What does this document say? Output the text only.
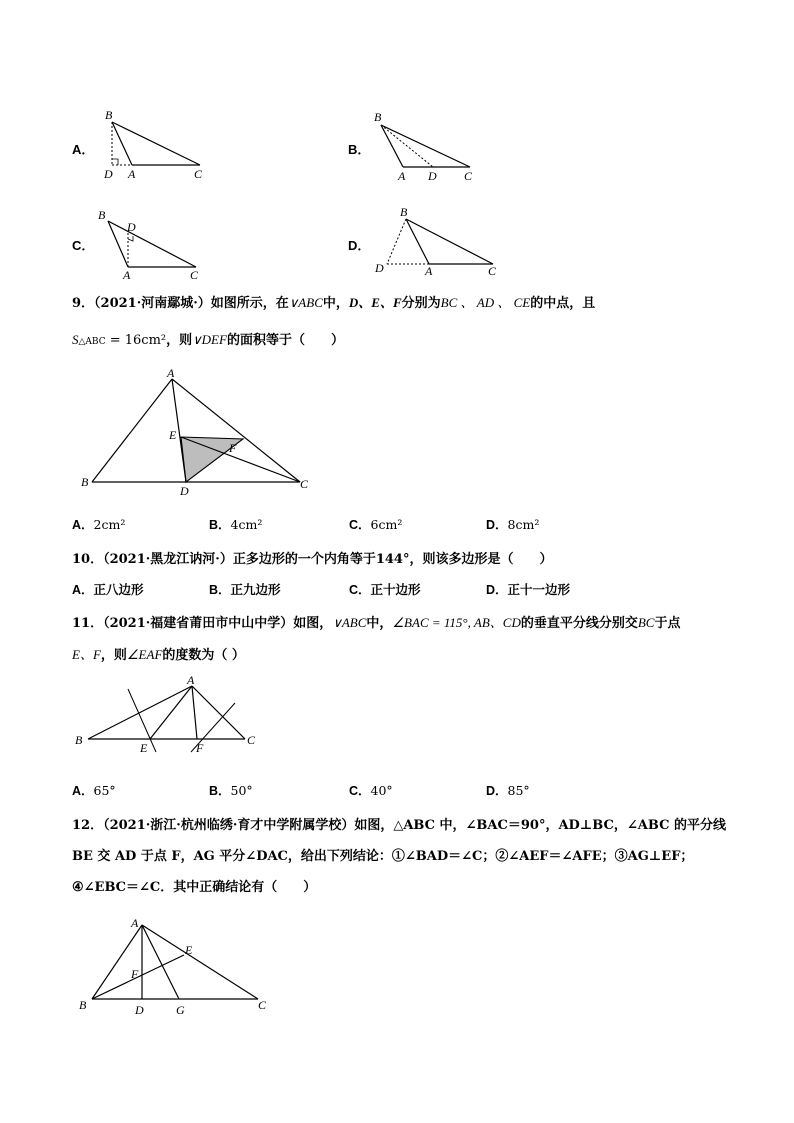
A．
B
D A	C
B．
B
A D C
C．
B
D
A	C
D．
B
D	A	C
9．（2021·河南鄢城·）如图所示，在∨ABC中，D、E、F分别为BC 、 AD 、 CE的中点，且
S△ABC = 16cm²，则∨DEF的面积等于（　　）
A
B	C
D
E
F
A．2cm²	B．4cm²	C．6cm²	D．8cm²
10．（2021·黑龙江讷河·）正多边形的一个内角等于144°，则该多边形是（　　）
A．正八边形	B．正九边形	C．正十边形	D．正十一边形
11．（2021·福建省莆田市中山中学）如图，∨ABC中，∠BAC = 115°, AB、CD的垂直平分线分别交BC于点
E、F，则∠EAF的度数为（ ）
A
B	C
E	F
A．65°	B．50°	C．40°	D．85°
12．（2021·浙江·杭州临绣·育才中学附属学校）如图，△ABC 中，∠BAC＝90°，AD⊥BC，∠ABC 的平分线
BE 交 AD 于点 F，AG 平分∠DAC，给出下列结论：①∠BAD＝∠C；②∠AEF＝∠AFE；③AG⊥EF；
④∠EBC＝∠C．其中正确结论有（　　）
A
B	C
D
E
F
G
